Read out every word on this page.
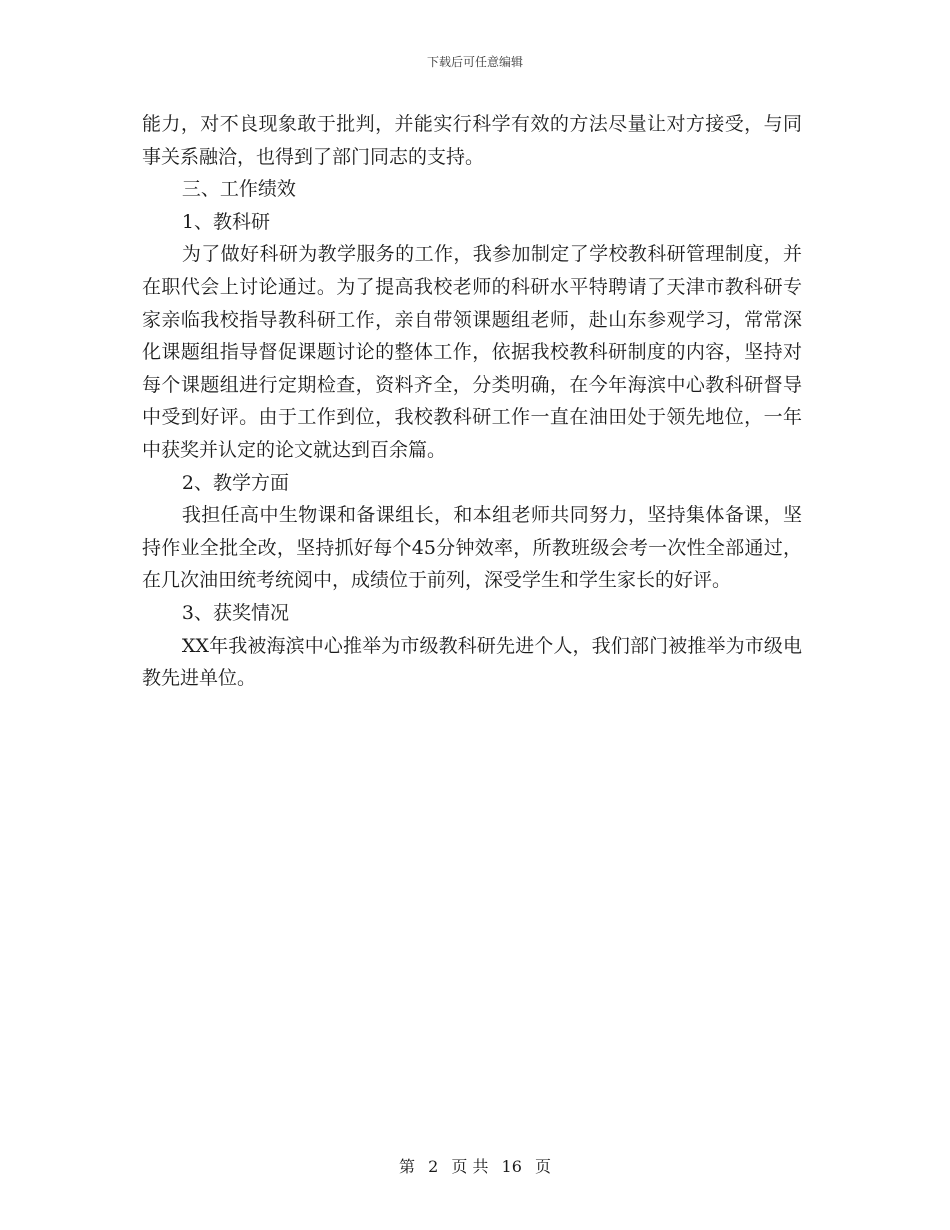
下载后可任意编辑

能力，对不良现象敢于批判，并能实行科学有效的方法尽量让对方接受，与同事关系融洽，也得到了部门同志的支持。

三、工作绩效

1、教科研

为了做好科研为教学服务的工作，我参加制定了学校教科研管理制度，并在职代会上讨论通过。为了提高我校老师的科研水平特聘请了天津市教科研专家亲临我校指导教科研工作，亲自带领课题组老师，赴山东参观学习，常常深化课题组指导督促课题讨论的整体工作，依据我校教科研制度的内容，坚持对每个课题组进行定期检查，资料齐全，分类明确，在今年海滨中心教科研督导中受到好评。由于工作到位，我校教科研工作一直在油田处于领先地位，一年中获奖并认定的论文就达到百余篇。

2、教学方面

我担任高中生物课和备课组长，和本组老师共同努力，坚持集体备课，坚持作业全批全改，坚持抓好每个45分钟效率，所教班级会考一次性全部通过，在几次油田统考统阅中，成绩位于前列，深受学生和学生家长的好评。

3、获奖情况

XX年我被海滨中心推举为市级教科研先进个人，我们部门被推举为市级电教先进单位。

第 2 页 共 16 页
